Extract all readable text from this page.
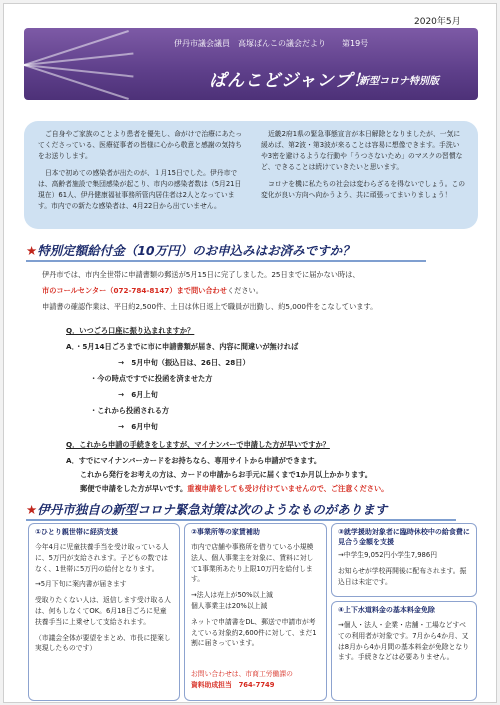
2020年5月
伊丹市議会議員　高塚ぱんこの議会だより　　第19号
ぱんこどジャンプ！
新型コロナ特別版

ご自身やご家族のことより患者を優先し、命がけで治療にあたってくださっている、医療従事者の皆様に心から敬意と感謝の気持ちをお送りします。

日本で初めての感染者が出たのが、１月15日でした。伊丹市では、高齢者施設で集団感染が起こり、市内の感染者数は（5月21日現在）61人、伊丹健康福祉事務所管内居住者は2人となっています。市内での新たな感染者は、4月22日から出ていません。

近畿2府1県の緊急事態宣言が本日解除となりましたが、一気に緩めば、第2波・第3波が来ることは容易に想像できます。手洗いや3密を避けるような行動や「うつさないため」のマスクの習慣など、できることは続けていきたいと思います。

コロナを機に私たちの社会は変わらざるを得ないでしょう。この変化が良い方向へ向かうよう、共に頑張ってまいりましょう！

★特別定額給付金（10万円）のお申込みはお済みですか？
伊丹市では、市内全世帯に申請書類の郵送が5月15日に完了しました。25日までに届かない時は、
市のコールセンター（072-784-8147）まで問い合わせください。
申請書の確認作業は、平日約2,500件、土日は休日返上で職員が出勤し、約5,000件をこなしています。
Q．いつごろ口座に振り込まれますか？
A．・5月14日ごろまでに市に申請書類が届き、内容に間違いが無ければ
→　5月中旬（振込日は、26日、28日）
・今の時点ですでに投函を済ませた方
→　6月上旬
・これから投函される方
→　6月中旬
Q．これから申請の手続きをしますが、マイナンバーで申請した方が早いですか？
A．すでにマイナンバーカードをお持ちなら、専用サイトから申請ができます。
これから発行をお考えの方は、カードの申請からお手元に届くまで1か月以上かかります。
郵便で申請をした方が早いです。重複申請をしても受け付けていませんので、ご注意ください。
★伊丹市独自の新型コロナ緊急対策は次のようなものがあります
①ひとり親世帯に経済支援

今年4月に児童扶養手当を受け取っている人に、5万円が支給されます。子どもの数ではなく、1世帯に5万円の給付となります。

→5月下旬に案内書が届きます

受取りたくない人は、返信します受け取る人は、何もしなくてOK。6月18日ごろに児童扶養手当に上乗せして支給されます。

（市議会全体が要望をまとめ、市長に提案し実現したものです）

②事業所等の家賃補助

市内で店舗や事務所を借りている小規模法人、個人事業主を対象に、賃料に対して1事業所あたり上限10万円を給付します。

→法人は売上が50%以上減

個人事業主は20%以上減

ネットで申請書をDL、郵送で申請市が考えている対象約2,600件に対して、まだ1割に届きっています。

お問い合わせは、市商工労働課の
資料助成担当　764-7749
③就学援助対象者に臨時休校中の給食費に見合う金額を支援

→中学生9,052円小学生7,986円

お知らせが学校再開後に配布されます。振込日は未定です。

④上下水道料金の基本料金免除

→個人・法人・企業・店舗・工場などすべての利用者が対象です。7月から4か月、又は8月から4か月間の基本料金が免除となります。手続きなどは必要ありません。
